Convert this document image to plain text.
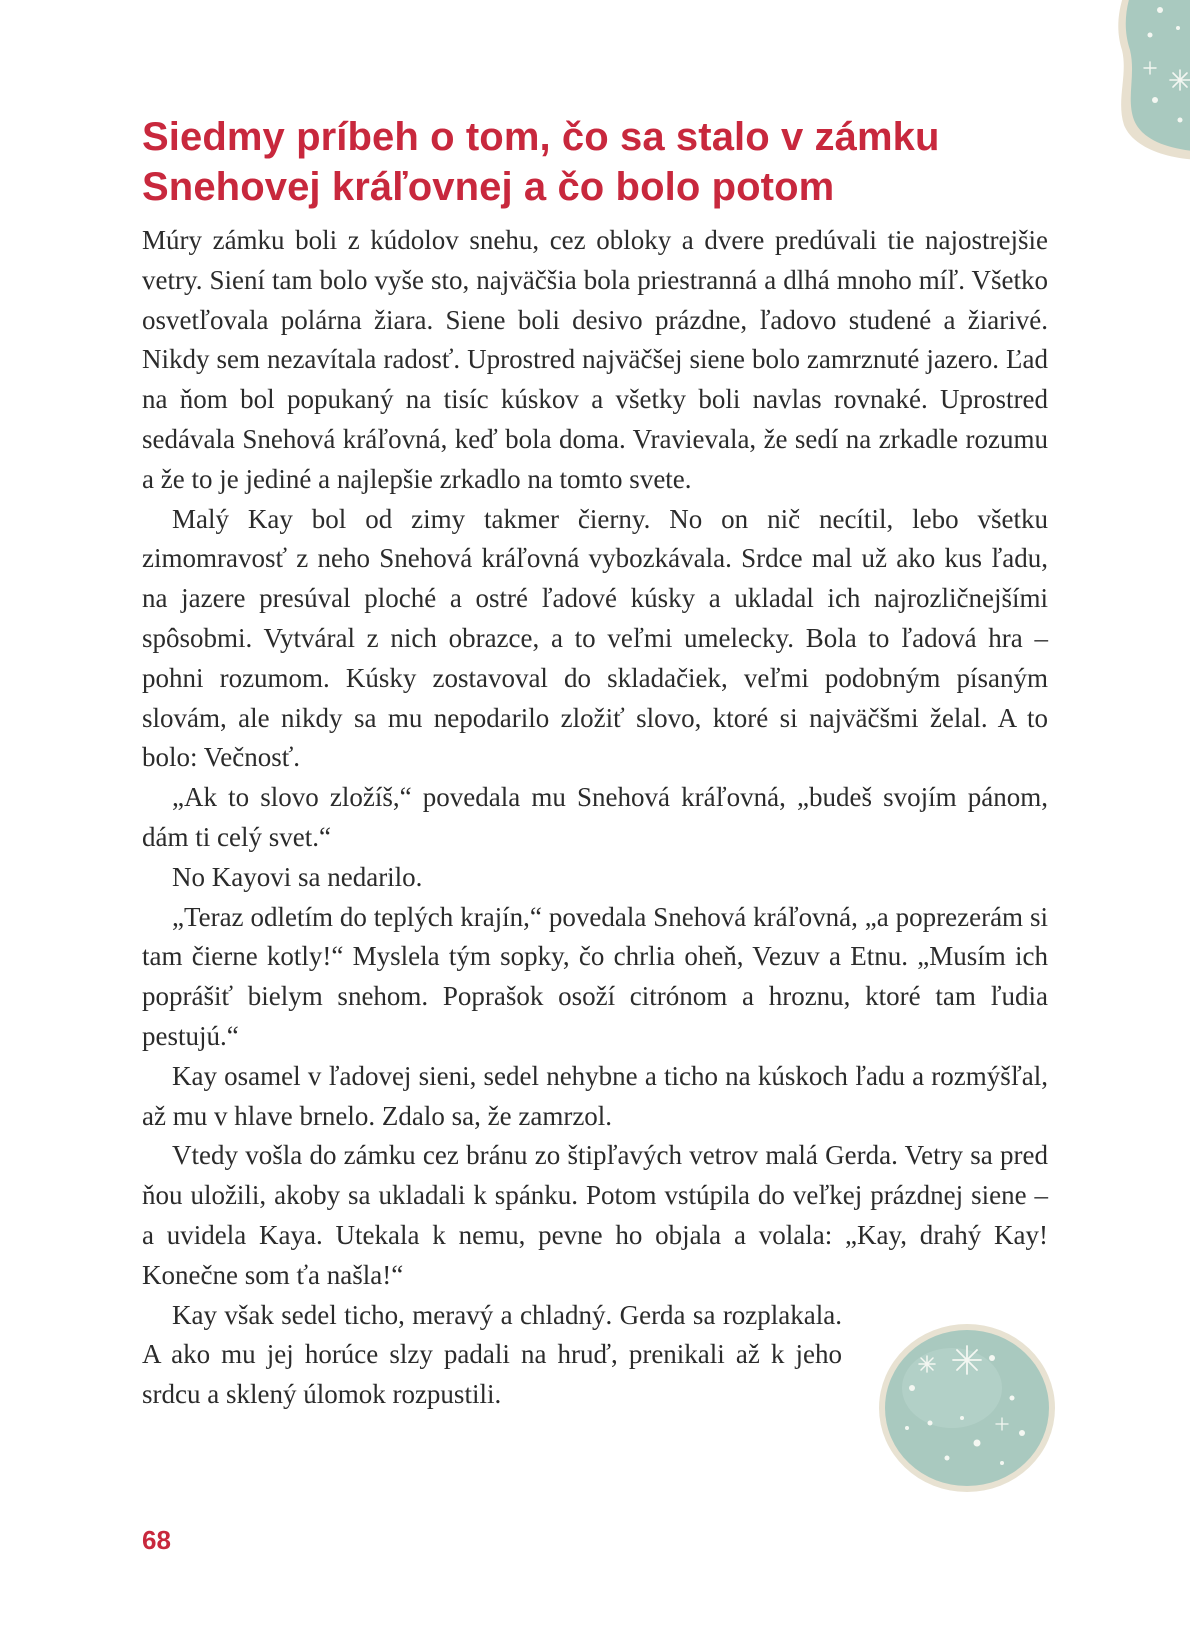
Siedmy príbeh o tom, čo sa stalo v zámku Snehovej kráľovnej a čo bolo potom

Múry zámku boli z kúdolov snehu, cez obloky a dvere predúvali tie najostrejšie vetry. Siení tam bolo vyše sto, najväčšia bola priestranná a dlhá mnoho míľ. Všetko osvetľovala polárna žiara. Siene boli desivo prázdne, ľadovo studené a žiarivé. Nikdy sem nezavítala radosť. Uprostred najväčšej siene bolo zamrznuté jazero. Ľad na ňom bol popukaný na tisíc kúskov a všetky boli navlas rovnaké. Uprostred sedávala Snehová kráľovná, keď bola doma. Vravievala, že sedí na zrkadle rozumu a že to je jediné a najlepšie zrkadlo na tomto svete.

Malý Kay bol od zimy takmer čierny. No on nič necítil, lebo všetku zimomravosť z neho Snehová kráľovná vybozkávala. Srdce mal už ako kus ľadu, na jazere presúval ploché a ostré ľadové kúsky a ukladal ich najrozličnejšími spôsobmi. Vytváral z nich obrazce, a to veľmi umelecky. Bola to ľadová hra – pohni rozumom. Kúsky zostavoval do skladačiek, veľmi podobným písaným slovám, ale nikdy sa mu nepodarilo zložiť slovo, ktoré si najväčšmi želal. A to bolo: Večnosť.

„Ak to slovo zložíš,“ povedala mu Snehová kráľovná, „budeš svojím pánom, dám ti celý svet.“

No Kayovi sa nedarilo.

„Teraz odletím do teplých krajín,“ povedala Snehová kráľovná, „a poprezerám si tam čierne kotly!“ Myslela tým sopky, čo chrlia oheň, Vezuv a Etnu. „Musím ich poprášiť bielym snehom. Poprašok osoží citrónom a hroznu, ktoré tam ľudia pestujú.“

Kay osamel v ľadovej sieni, sedel nehybne a ticho na kúskoch ľadu a rozmýšľal, až mu v hlave brnelo. Zdalo sa, že zamrzol.

Vtedy vošla do zámku cez bránu zo štipľavých vetrov malá Gerda. Vetry sa pred ňou uložili, akoby sa ukladali k spánku. Potom vstúpila do veľkej prázdnej siene – a uvidela Kaya. Utekala k nemu, pevne ho objala a volala: „Kay, drahý Kay! Konečne som ťa našla!“

Kay však sedel ticho, meravý a chladný. Gerda sa rozplakala. A ako mu jej horúce slzy padali na hruď, prenikali až k jeho srdcu a sklený úlomok rozpustili.

68
